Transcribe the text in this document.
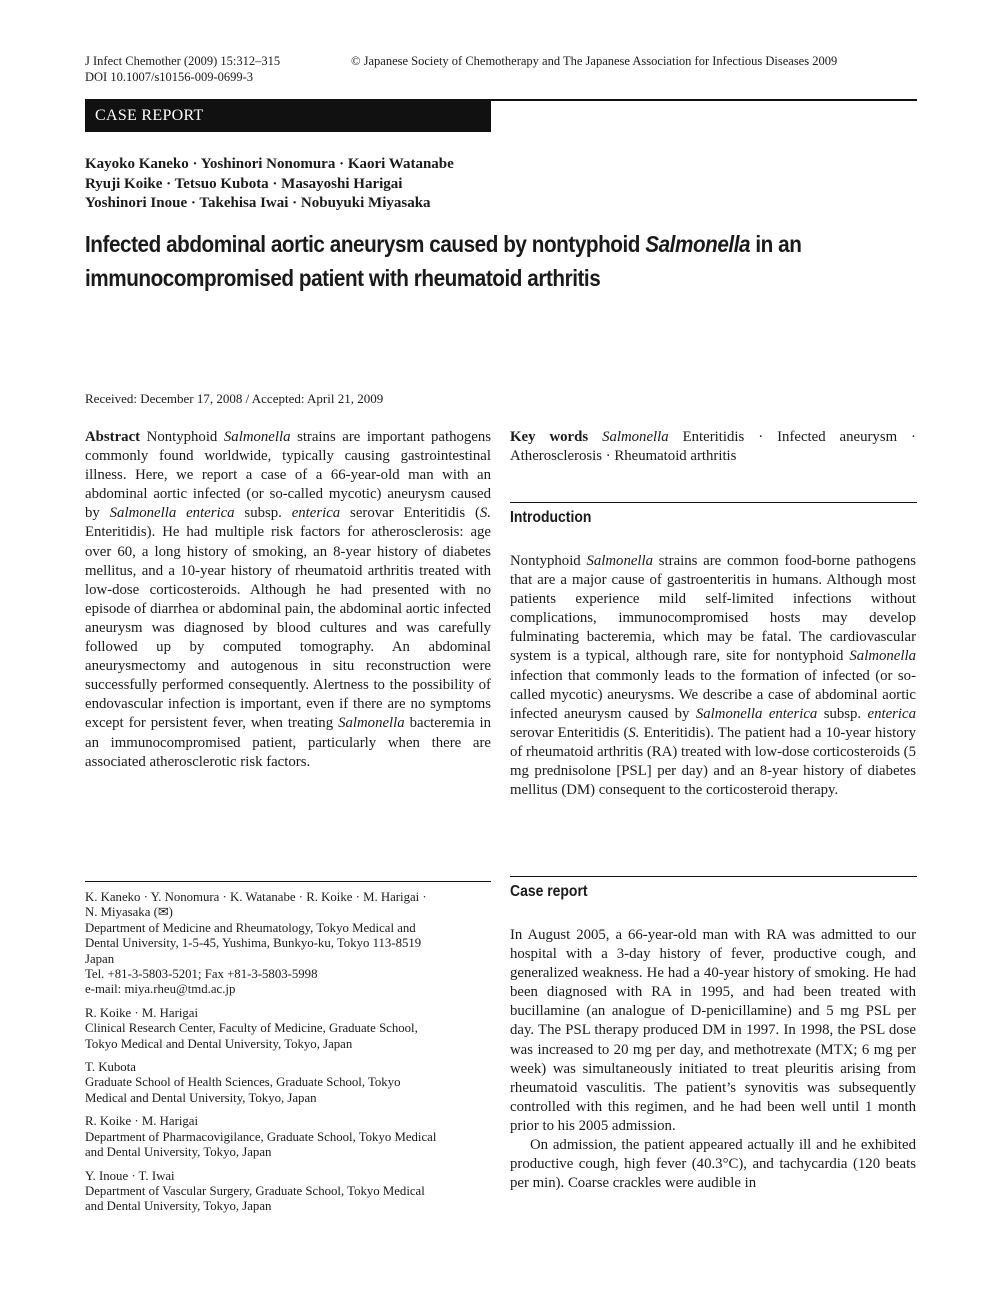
J Infect Chemother (2009) 15:312–315
DOI 10.1007/s10156-009-0699-3
© Japanese Society of Chemotherapy and The Japanese Association for Infectious Diseases 2009
CASE REPORT
Kayoko Kaneko · Yoshinori Nonomura · Kaori Watanabe
Ryuji Koike · Tetsuo Kubota · Masayoshi Harigai
Yoshinori Inoue · Takehisa Iwai · Nobuyuki Miyasaka
Infected abdominal aortic aneurysm caused by nontyphoid Salmonella in an
immunocompromised patient with rheumatoid arthritis
Received: December 17, 2008 / Accepted: April 21, 2009

Abstract Nontyphoid Salmonella strains are important pathogens commonly found worldwide, typically causing gastrointestinal illness. Here, we report a case of a 66-year-old man with an abdominal aortic infected (or so-called mycotic) aneurysm caused by Salmonella enterica subsp. enterica serovar Enteritidis (S. Enteritidis). He had multiple risk factors for atherosclerosis: age over 60, a long history of smoking, an 8-year history of diabetes mellitus, and a 10-year history of rheumatoid arthritis treated with low-dose corticosteroids. Although he had presented with no episode of diarrhea or abdominal pain, the abdominal aortic infected aneurysm was diagnosed by blood cultures and was carefully followed up by computed tomography. An abdominal aneurysmectomy and autogenous in situ reconstruction were successfully performed consequently. Alertness to the possibility of endovascular infection is important, even if there are no symptoms except for persistent fever, when treating Salmonella bacteremia in an immunocompromised patient, particularly when there are associated atherosclerotic risk factors.

Key words Salmonella Enteritidis · Infected aneurysm · Atherosclerosis · Rheumatoid arthritis

Introduction

Nontyphoid Salmonella strains are common food-borne pathogens that are a major cause of gastroenteritis in humans. Although most patients experience mild self-limited infections without complications, immunocompromised hosts may develop fulminating bacteremia, which may be fatal. The cardiovascular system is a typical, although rare, site for nontyphoid Salmonella infection that commonly leads to the formation of infected (or so-called mycotic) aneurysms. We describe a case of abdominal aortic infected aneurysm caused by Salmonella enterica subsp. enterica serovar Enteritidis (S. Enteritidis). The patient had a 10-year history of rheumatoid arthritis (RA) treated with low-dose corticosteroids (5 mg prednisolone [PSL] per day) and an 8-year history of diabetes mellitus (DM) consequent to the corticosteroid therapy.

Case report

In August 2005, a 66-year-old man with RA was admitted to our hospital with a 3-day history of fever, productive cough, and generalized weakness. He had a 40-year history of smoking. He had been diagnosed with RA in 1995, and had been treated with bucillamine (an analogue of D-penicillamine) and 5 mg PSL per day. The PSL therapy produced DM in 1997. In 1998, the PSL dose was increased to 20 mg per day, and methotrexate (MTX; 6 mg per week) was simultaneously initiated to treat pleuritis arising from rheumatoid vasculitis. The patient’s synovitis was subsequently controlled with this regimen, and he had been well until 1 month prior to his 2005 admission.

On admission, the patient appeared actually ill and he exhibited productive cough, high fever (40.3°C), and tachycardia (120 beats per min). Coarse crackles were audible in

K. Kaneko · Y. Nonomura · K. Watanabe · R. Koike · M. Harigai ·
N. Miyasaka (✉)
Department of Medicine and Rheumatology, Tokyo Medical and
Dental University, 1-5-45, Yushima, Bunkyo-ku, Tokyo 113-8519
Japan
Tel. +81-3-5803-5201; Fax +81-3-5803-5998
e-mail: miya.rheu@tmd.ac.jp
R. Koike · M. Harigai
Clinical Research Center, Faculty of Medicine, Graduate School,
Tokyo Medical and Dental University, Tokyo, Japan
T. Kubota
Graduate School of Health Sciences, Graduate School, Tokyo
Medical and Dental University, Tokyo, Japan
R. Koike · M. Harigai
Department of Pharmacovigilance, Graduate School, Tokyo Medical
and Dental University, Tokyo, Japan
Y. Inoue · T. Iwai
Department of Vascular Surgery, Graduate School, Tokyo Medical
and Dental University, Tokyo, Japan
